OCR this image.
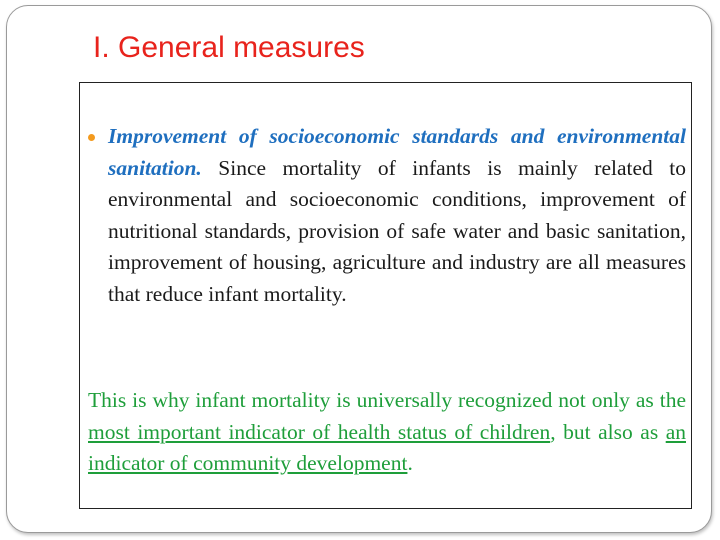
I. General measures

Improvement of socioeconomic standards and environmental sanitation. Since mortality of infants is mainly related to environmental and socioeconomic conditions, improvement of nutritional standards, provision of safe water and basic sanitation, improvement of housing, agriculture and industry are all measures that reduce infant mortality.

This is why infant mortality is universally recognized not only as the most important indicator of health status of children, but also as an indicator of community development.
